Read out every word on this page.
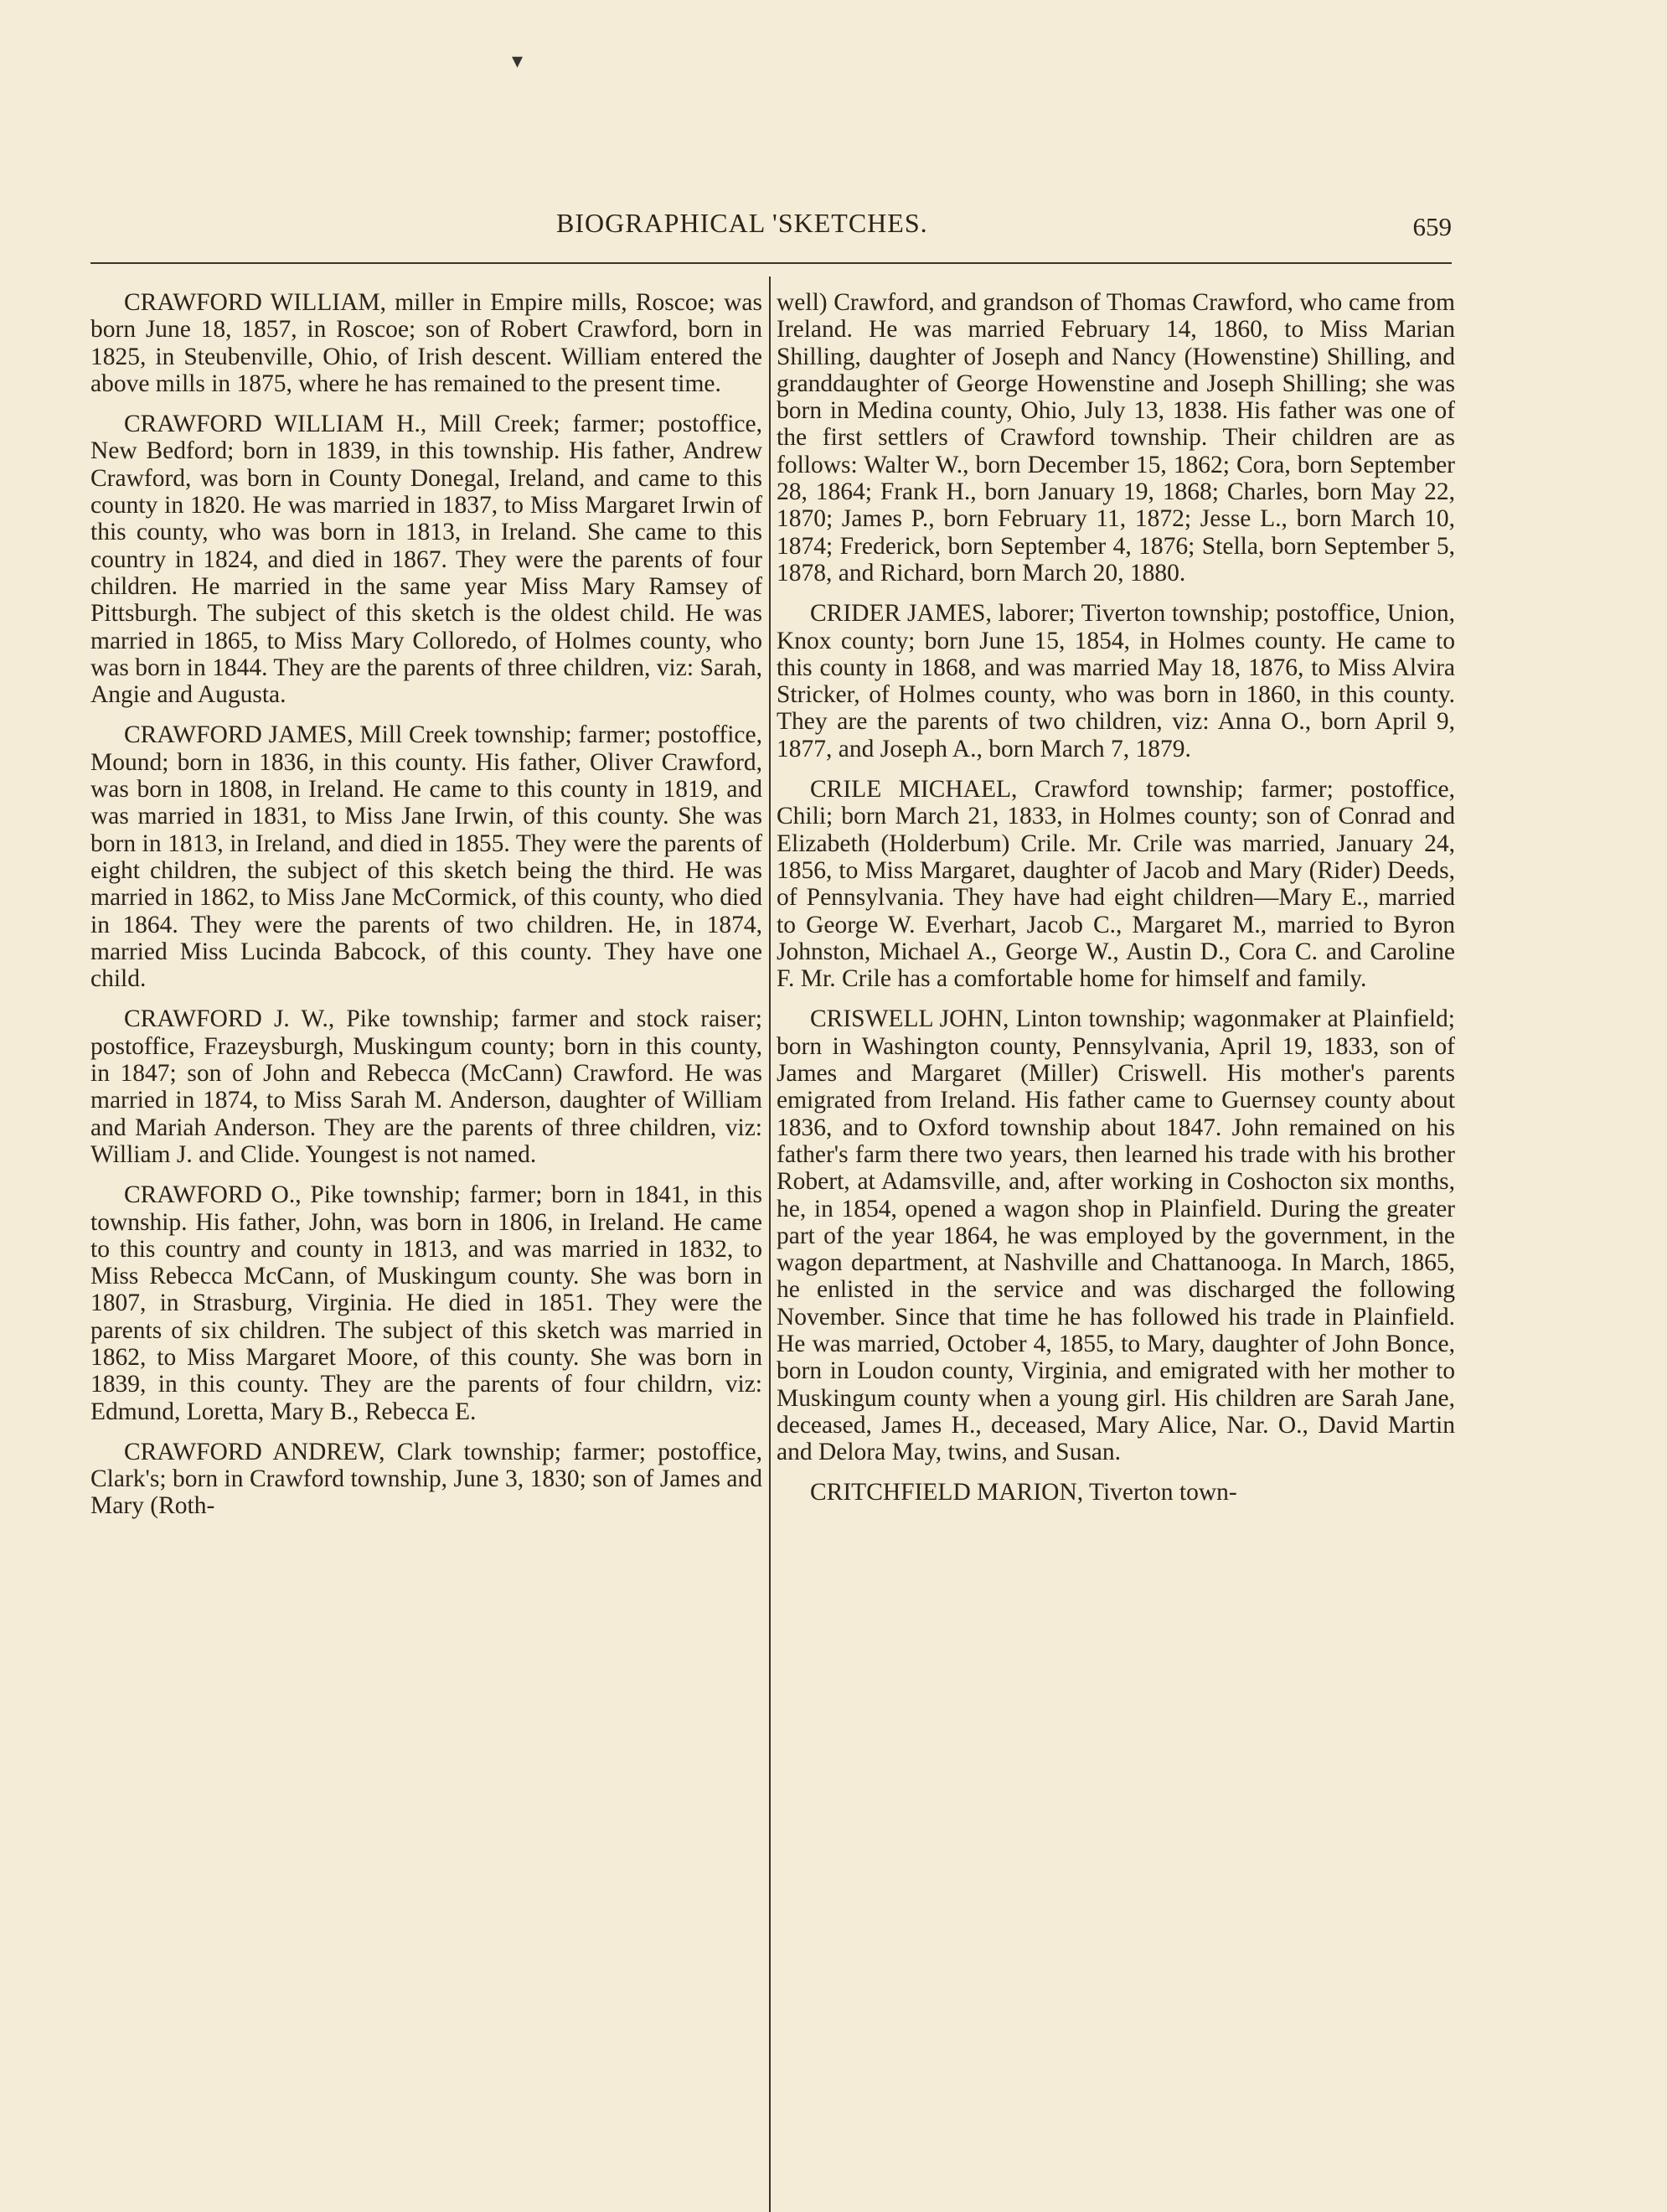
▾
BIOGRAPHICAL 'SKETCHES.	659

CRAWFORD WILLIAM, miller in Empire mills, Roscoe; was born June 18, 1857, in Roscoe; son of Robert Crawford, born in 1825, in Steubenville, Ohio, of Irish descent. William entered the above mills in 1875, where he has remained to the present time.

CRAWFORD WILLIAM H., Mill Creek; farmer; postoffice, New Bedford; born in 1839, in this township. His father, Andrew Crawford, was born in County Donegal, Ireland, and came to this county in 1820. He was married in 1837, to Miss Margaret Irwin of this county, who was born in 1813, in Ireland. She came to this country in 1824, and died in 1867. They were the parents of four children. He married in the same year Miss Mary Ramsey of Pittsburgh. The subject of this sketch is the oldest child. He was married in 1865, to Miss Mary Colloredo, of Holmes county, who was born in 1844. They are the parents of three children, viz: Sarah, Angie and Augusta.

CRAWFORD JAMES, Mill Creek township; farmer; postoffice, Mound; born in 1836, in this county. His father, Oliver Crawford, was born in 1808, in Ireland. He came to this county in 1819, and was married in 1831, to Miss Jane Irwin, of this county. She was born in 1813, in Ireland, and died in 1855. They were the parents of eight children, the subject of this sketch being the third. He was married in 1862, to Miss Jane McCormick, of this county, who died in 1864. They were the parents of two children. He, in 1874, married Miss Lucinda Babcock, of this county. They have one child.

CRAWFORD J. W., Pike township; farmer and stock raiser; postoffice, Frazeysburgh, Muskingum county; born in this county, in 1847; son of John and Rebecca (McCann) Crawford. He was married in 1874, to Miss Sarah M. Anderson, daughter of William and Mariah Anderson. They are the parents of three children, viz: William J. and Clide. Youngest is not named.

CRAWFORD O., Pike township; farmer; born in 1841, in this township. His father, John, was born in 1806, in Ireland. He came to this country and county in 1813, and was married in 1832, to Miss Rebecca McCann, of Muskingum county. She was born in 1807, in Strasburg, Virginia. He died in 1851. They were the parents of six children. The subject of this sketch was married in 1862, to Miss Margaret Moore, of this county. She was born in 1839, in this county. They are the parents of four childrn, viz: Edmund, Loretta, Mary B., Rebecca E.

CRAWFORD ANDREW, Clark township; farmer; postoffice, Clark's; born in Crawford township, June 3, 1830; son of James and Mary (Roth-

well) Crawford, and grandson of Thomas Crawford, who came from Ireland. He was married February 14, 1860, to Miss Marian Shilling, daughter of Joseph and Nancy (Howenstine) Shilling, and granddaughter of George Howenstine and Joseph Shilling; she was born in Medina county, Ohio, July 13, 1838. His father was one of the first settlers of Crawford township. Their children are as follows: Walter W., born December 15, 1862; Cora, born September 28, 1864; Frank H., born January 19, 1868; Charles, born May 22, 1870; James P., born February 11, 1872; Jesse L., born March 10, 1874; Frederick, born September 4, 1876; Stella, born September 5, 1878, and Richard, born March 20, 1880.

CRIDER JAMES, laborer; Tiverton township; postoffice, Union, Knox county; born June 15, 1854, in Holmes county. He came to this county in 1868, and was married May 18, 1876, to Miss Alvira Stricker, of Holmes county, who was born in 1860, in this county. They are the parents of two children, viz: Anna O., born April 9, 1877, and Joseph A., born March 7, 1879.

CRILE MICHAEL, Crawford township; farmer; postoffice, Chili; born March 21, 1833, in Holmes county; son of Conrad and Elizabeth (Holderbum) Crile. Mr. Crile was married, January 24, 1856, to Miss Margaret, daughter of Jacob and Mary (Rider) Deeds, of Pennsylvania. They have had eight children—Mary E., married to George W. Everhart, Jacob C., Margaret M., married to Byron Johnston, Michael A., George W., Austin D., Cora C. and Caroline F. Mr. Crile has a comfortable home for himself and family.

CRISWELL JOHN, Linton township; wagonmaker at Plainfield; born in Washington county, Pennsylvania, April 19, 1833, son of James and Margaret (Miller) Criswell. His mother's parents emigrated from Ireland. His father came to Guernsey county about 1836, and to Oxford township about 1847. John remained on his father's farm there two years, then learned his trade with his brother Robert, at Adamsville, and, after working in Coshocton six months, he, in 1854, opened a wagon shop in Plainfield. During the greater part of the year 1864, he was employed by the government, in the wagon department, at Nashville and Chattanooga. In March, 1865, he enlisted in the service and was discharged the following November. Since that time he has followed his trade in Plainfield. He was married, October 4, 1855, to Mary, daughter of John Bonce, born in Loudon county, Virginia, and emigrated with her mother to Muskingum county when a young girl. His children are Sarah Jane, deceased, James H., deceased, Mary Alice, Nar. O., David Martin and Delora May, twins, and Susan.

CRITCHFIELD MARION, Tiverton town-
